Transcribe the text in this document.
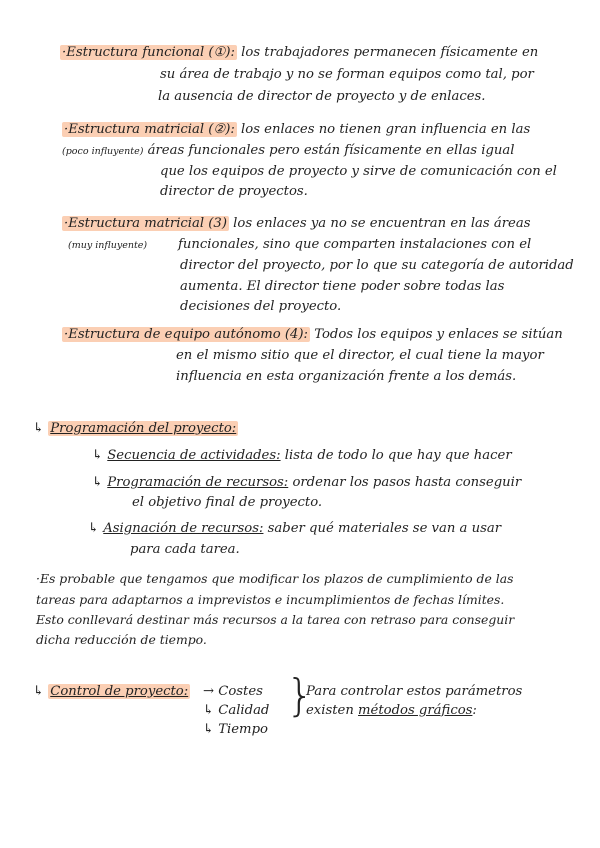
·Estructura funcional (①): los trabajadores permanecen físicamente en
su área de trabajo y no se forman equipos como tal, por
la ausencia de director de proyecto y de enlaces.
·Estructura matricial (②): los enlaces no tienen gran influencia en las
(poco influyente) áreas funcionales pero están físicamente en ellas igual
que los equipos de proyecto y sirve de comunicación con el
director de proyectos.
·Estructura matricial (3) los enlaces ya no se encuentran en las áreas
(muy influyente) funcionales, sino que comparten instalaciones con el
director del proyecto, por lo que su categoría de autoridad
aumenta. El director tiene poder sobre todas las
decisiones del proyecto.
·Estructura de equipo autónomo (4): Todos los equipos y enlaces se sitúan
en el mismo sitio que el director, el cual tiene la mayor
influencia en esta organización frente a los demás.
↳ Programación del proyecto:
↳ Secuencia de actividades: lista de todo lo que hay que hacer
↳ Programación de recursos: ordenar los pasos hasta conseguir
el objetivo final de proyecto.
↳ Asignación de recursos: saber qué materiales se van a usar
para cada tarea.
·Es probable que tengamos que modificar los plazos de cumplimiento de las
tareas para adaptarnos a imprevistos e incumplimientos de fechas límites.
Esto conllevará destinar más recursos a la tarea con retraso para conseguir
dicha reducción de tiempo.
↳ Control de proyecto: → Costes
↳ Calidad
↳ Tiempo
}
Para controlar estos parámetros
existen métodos gráficos:
